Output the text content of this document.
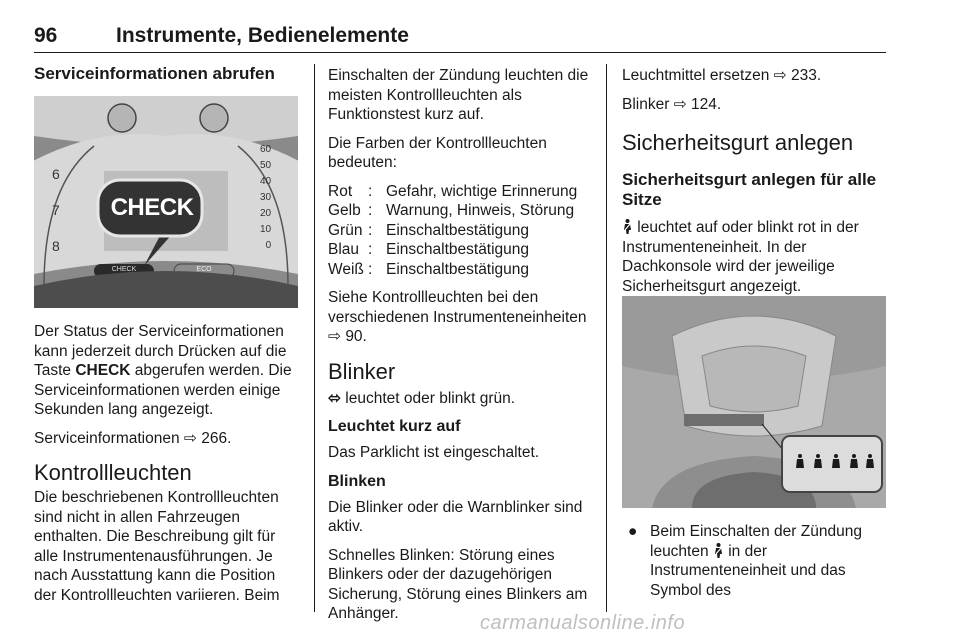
96	Instrumente, Bedienelemente
Serviceinformationen abrufen
CHECK
CHECK	ECO
60
50
40
30
20
10
0
6
7
8

Der Status der Serviceinformationen kann jederzeit durch Drücken auf die Taste CHECK abgerufen werden. Die Serviceinformationen werden einige Sekunden lang angezeigt.

Serviceinformationen ⇨ 266.

Kontrollleuchten

Die beschriebenen Kontrollleuchten sind nicht in allen Fahrzeugen enthalten. Die Beschreibung gilt für alle Instrumentenausführungen. Je nach Ausstattung kann die Position der Kontrollleuchten variieren. Beim

Einschalten der Zündung leuchten die meisten Kontrollleuchten als Funktionstest kurz auf.

Die Farben der Kontrollleuchten bedeuten:

Rot	:	Gefahr, wichtige Erinnerung
Gelb	:	Warnung, Hinweis, Störung
Grün	:	Einschaltbestätigung
Blau	:	Einschaltbestätigung
Weiß	:	Einschaltbestätigung

Siehe Kontrollleuchten bei den verschiedenen Instrumenteneinheiten ⇨ 90.

Blinker

⬄ leuchtet oder blinkt grün.

Leuchtet kurz auf

Das Parklicht ist eingeschaltet.

Blinken

Die Blinker oder die Warnblinker sind aktiv.

Schnelles Blinken: Störung eines Blinkers oder der dazugehörigen Sicherung, Störung eines Blinkers am Anhänger.

Leuchtmittel ersetzen ⇨ 233.

Blinker ⇨ 124.

Sicherheitsgurt anlegen
Sicherheitsgurt anlegen für alle Sitze

leuchtet auf oder blinkt rot in der Instrumenteneinheit. In der Dachkonsole wird der jeweilige Sicherheitsgurt angezeigt.

● Beim Einschalten der Zündung leuchten  in der Instrumenteneinheit und das Symbol des
carmanualsonline.info
